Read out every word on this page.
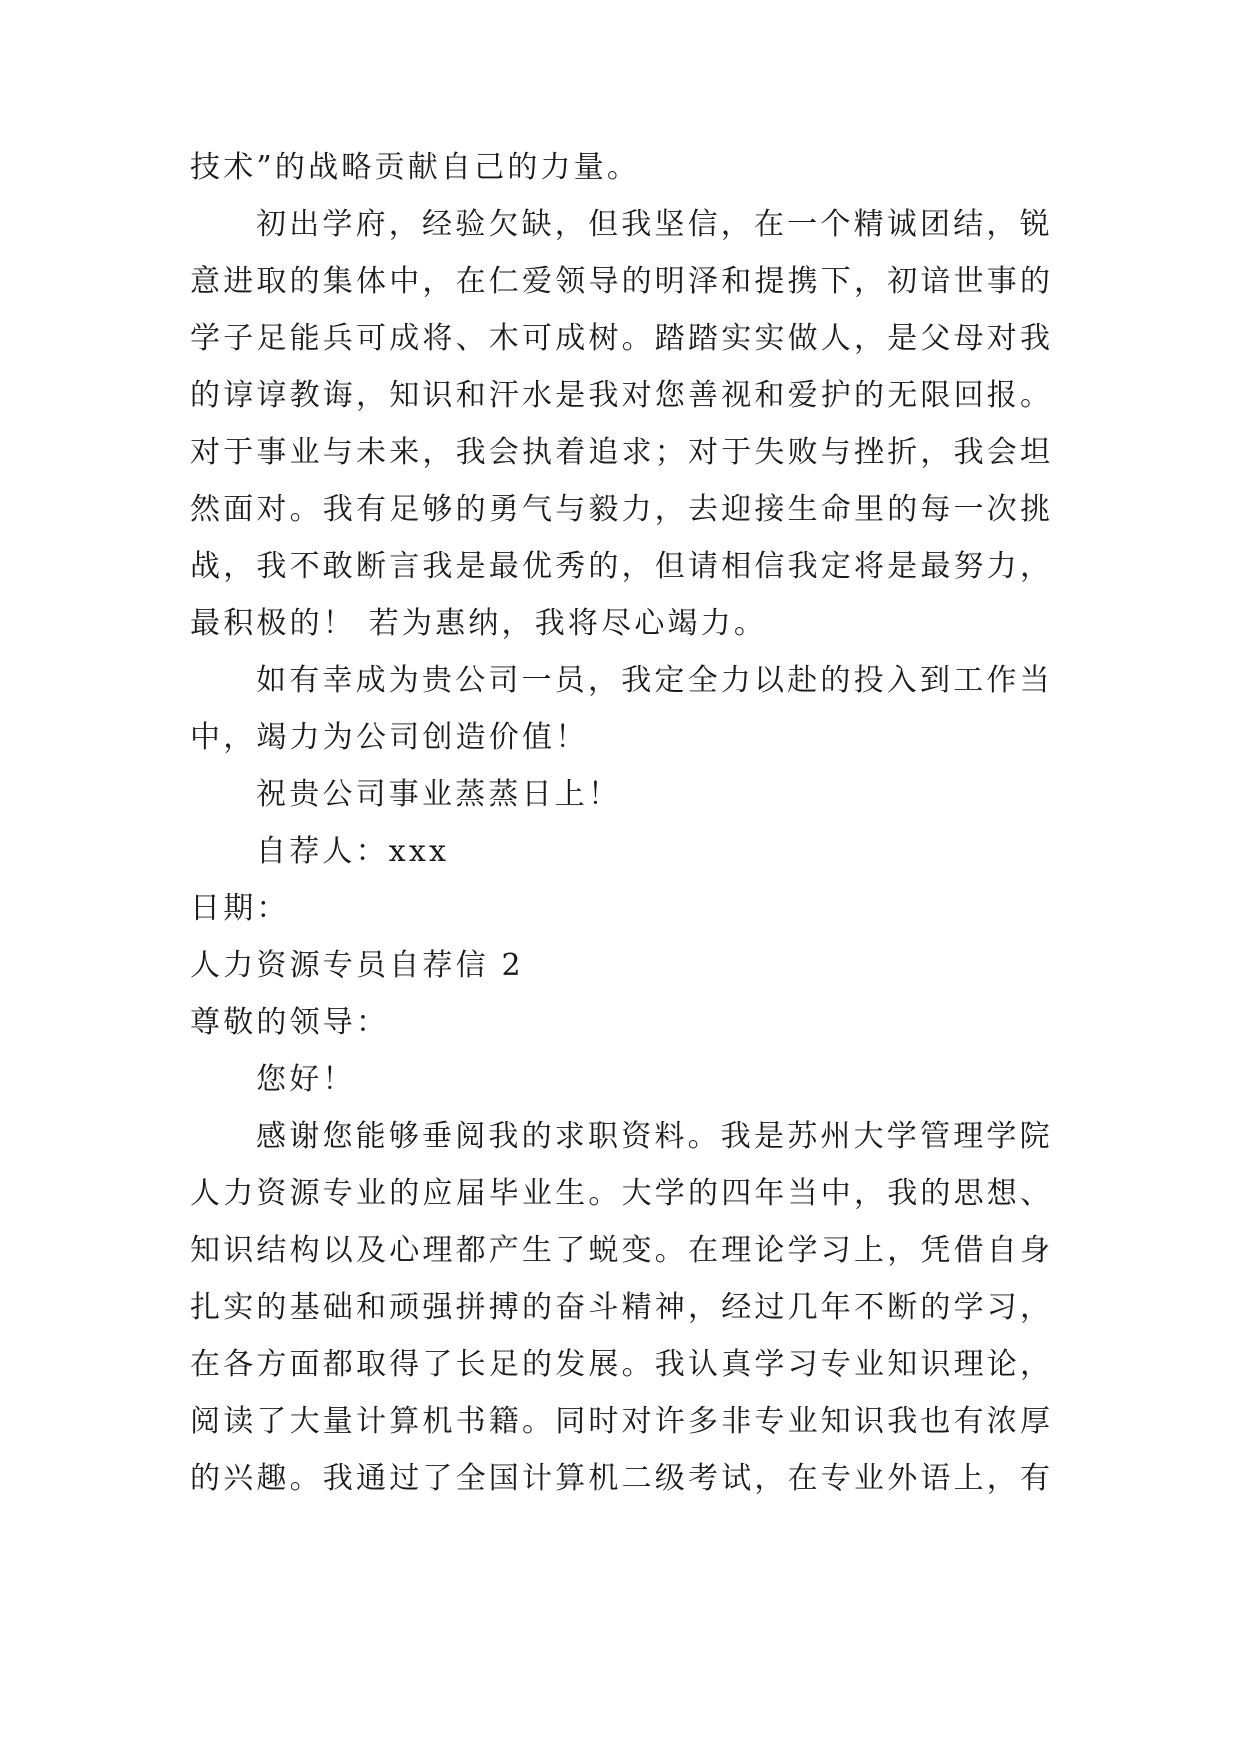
技术”的战略贡献自己的力量。

初出学府，经验欠缺，但我坚信，在一个精诚团结，锐

意进取的集体中，在仁爱领导的明泽和提携下，初谙世事的

学子足能兵可成将、木可成树。踏踏实实做人，是父母对我

的谆谆教诲，知识和汗水是我对您善视和爱护的无限回报。

对于事业与未来，我会执着追求；对于失败与挫折，我会坦

然面对。我有足够的勇气与毅力，去迎接生命里的每一次挑

战，我不敢断言我是最优秀的，但请相信我定将是最努力，

最积极的！ 若为惠纳，我将尽心竭力。

如有幸成为贵公司一员，我定全力以赴的投入到工作当

中，竭力为公司创造价值！

祝贵公司事业蒸蒸日上！

自荐人：xxx

日期：

人力资源专员自荐信 2

尊敬的领导：

您好！

感谢您能够垂阅我的求职资料。我是苏州大学管理学院

人力资源专业的应届毕业生。大学的四年当中，我的思想、

知识结构以及心理都产生了蜕变。在理论学习上，凭借自身

扎实的基础和顽强拼搏的奋斗精神，经过几年不断的学习，

在各方面都取得了长足的发展。我认真学习专业知识理论，

阅读了大量计算机书籍。同时对许多非专业知识我也有浓厚

的兴趣。我通过了全国计算机二级考试，在专业外语上，有
